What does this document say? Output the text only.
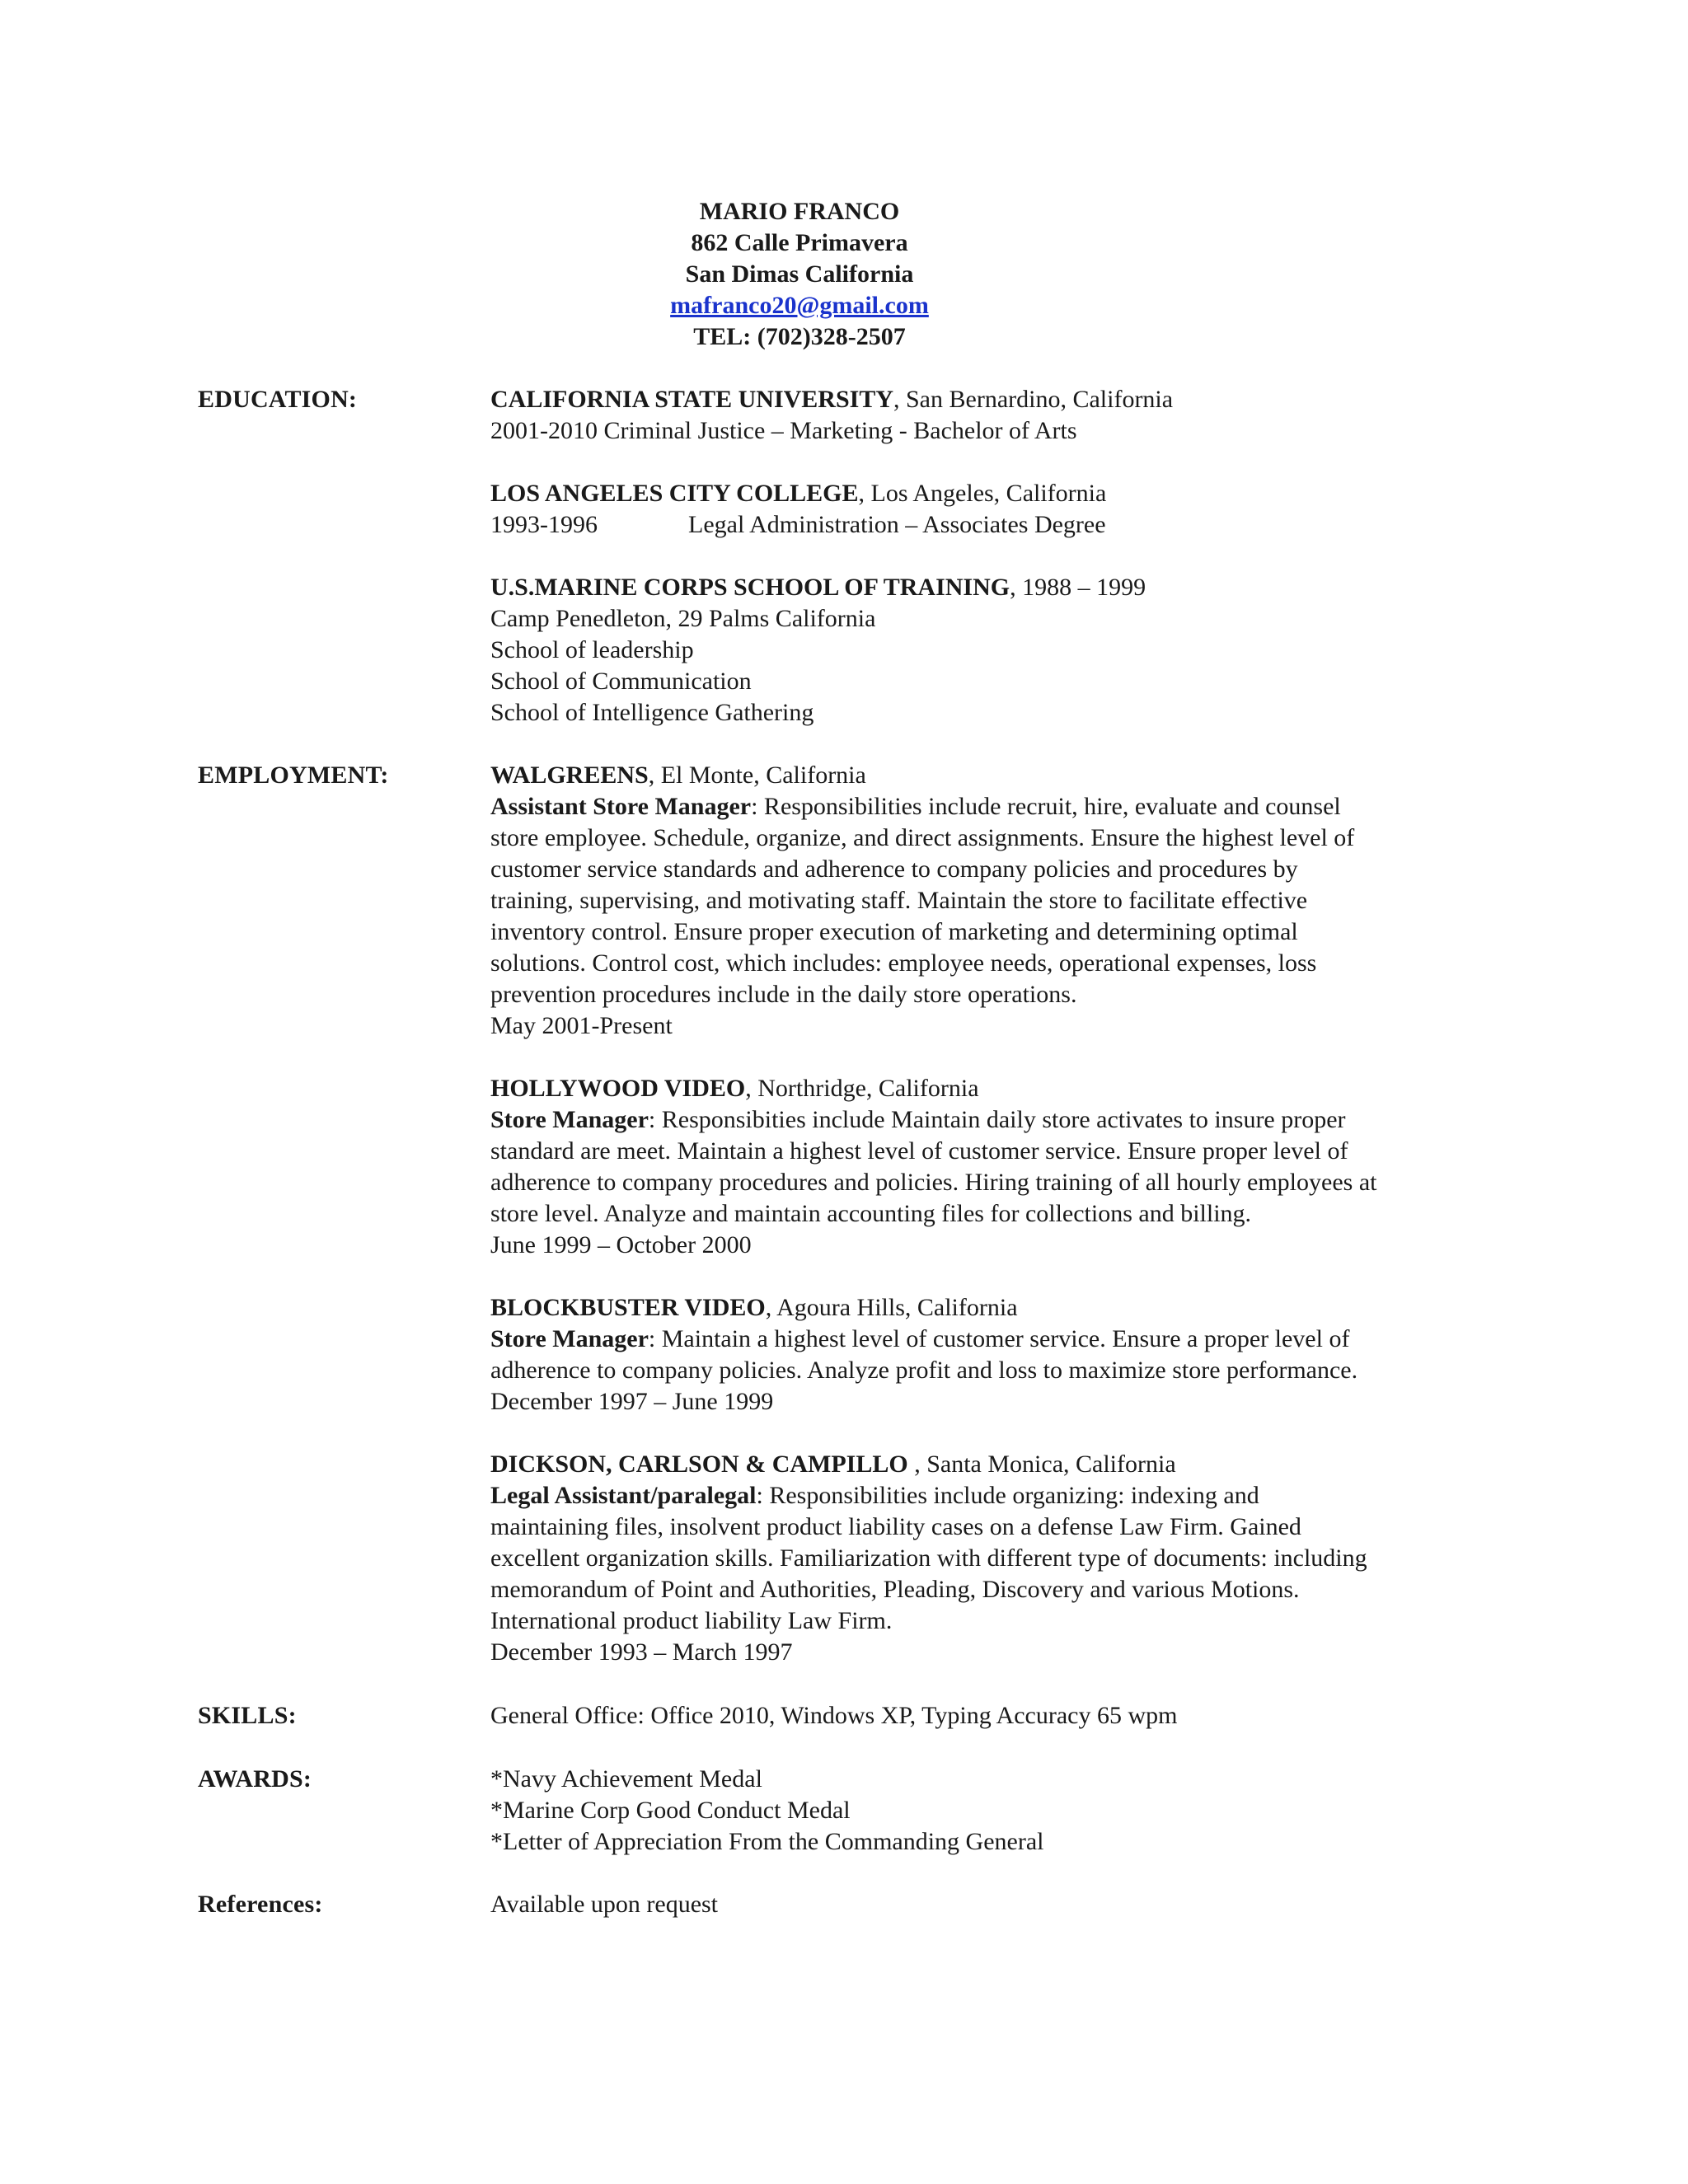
MARIO FRANCO
862 Calle Primavera
San Dimas California
mafranco20@gmail.com
TEL: (702)328-2507
EDUCATION:	CALIFORNIA STATE UNIVERSITY, San Bernardino, California
2001-2010 Criminal Justice – Marketing - Bachelor of Arts
LOS ANGELES CITY COLLEGE, Los Angeles, California
1993-1996	Legal Administration – Associates Degree
U.S.MARINE CORPS SCHOOL OF TRAINING, 1988 – 1999
Camp Penedleton, 29 Palms California
School of leadership
School of Communication
School of Intelligence Gathering
EMPLOYMENT:	WALGREENS, El Monte, California
Assistant Store Manager: Responsibilities include recruit, hire, evaluate and counsel
store employee. Schedule, organize, and direct assignments. Ensure the highest level of
customer service standards and adherence to company policies and procedures by
training, supervising, and motivating staff. Maintain the store to facilitate effective
inventory control. Ensure proper execution of marketing and determining optimal
solutions. Control cost, which includes: employee needs, operational expenses, loss
prevention procedures include in the daily store operations.
May 2001-Present
HOLLYWOOD VIDEO, Northridge, California
Store Manager: Responsibities include Maintain daily store activates to insure proper
standard are meet. Maintain a highest level of customer service. Ensure proper level of
adherence to company procedures and policies. Hiring training of all hourly employees at
store level. Analyze and maintain accounting files for collections and billing.
June 1999 – October 2000
BLOCKBUSTER VIDEO, Agoura Hills, California
Store Manager: Maintain a highest level of customer service. Ensure a proper level of
adherence to company policies. Analyze profit and loss to maximize store performance.
December 1997 – June 1999
DICKSON, CARLSON & CAMPILLO , Santa Monica, California
Legal Assistant/paralegal: Responsibilities include organizing: indexing and
maintaining files, insolvent product liability cases on a defense Law Firm. Gained
excellent organization skills. Familiarization with different type of documents: including
memorandum of Point and Authorities, Pleading, Discovery and various Motions.
International product liability Law Firm.
December 1993 – March 1997
SKILLS:	General Office: Office 2010, Windows XP, Typing Accuracy 65 wpm
AWARDS:	*Navy Achievement Medal
*Marine Corp Good Conduct Medal
*Letter of Appreciation From the Commanding General
References:	Available upon request
